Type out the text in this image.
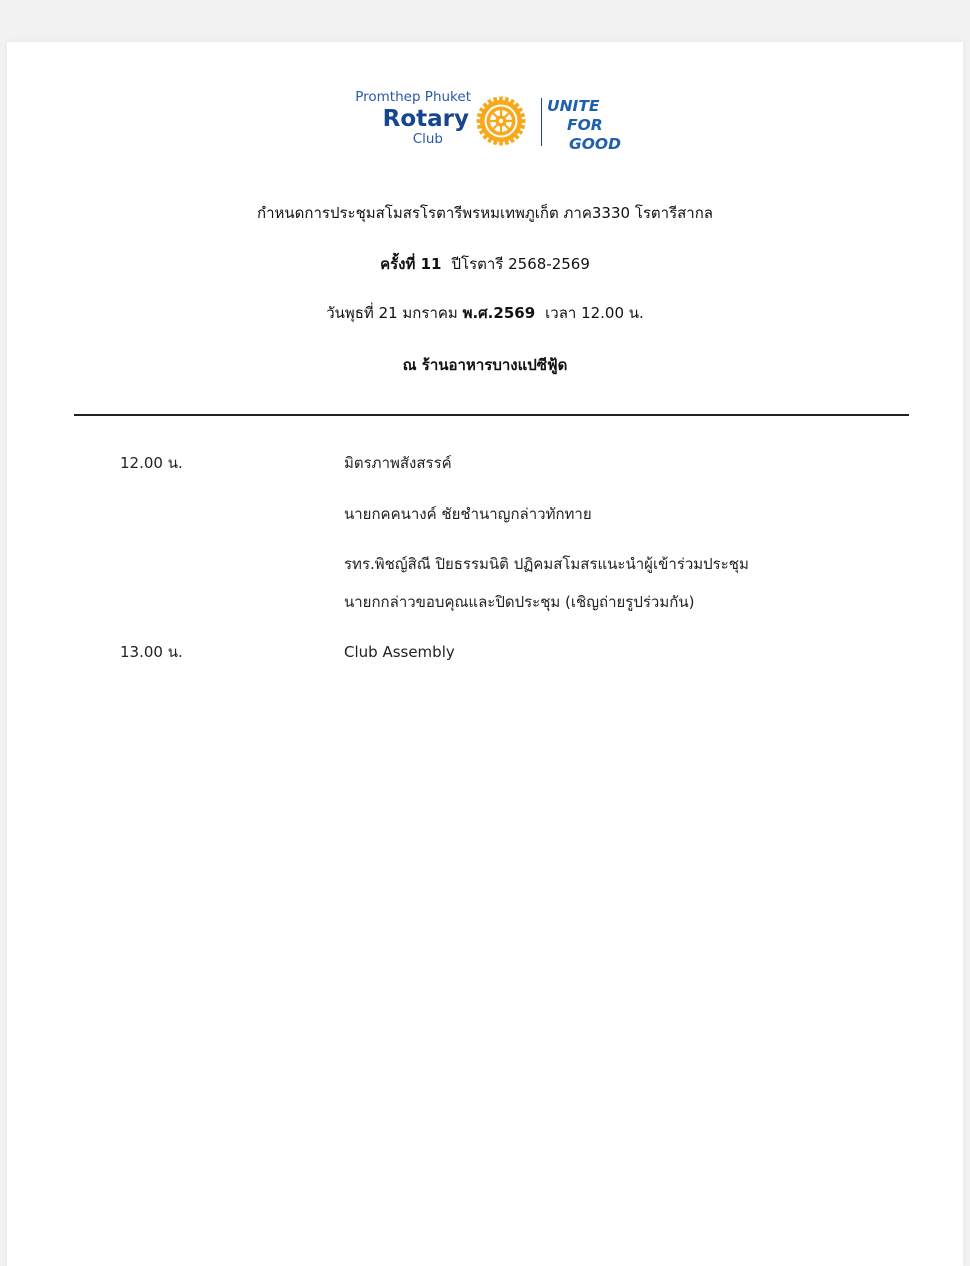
Promthep Phuket
Rotary
Club
UNITE
FOR
GOOD
กำหนดการประชุมสโมสรโรตารีพรหมเทพภูเก็ต ภาค3330 โรตารีสากล
ครั้งที่ 11 ปีโรตารี 2568-2569
วันพุธที่ 21 มกราคม พ.ศ.2569 เวลา 12.00 น.
ณ ร้านอาหารบางแปซีฟู้ด
12.00 น.	มิตรภาพสังสรรค์
นายกคคนางค์ ชัยชำนาญกล่าวทักทาย
รทร.พิชญ์สิณี ปิยธรรมนิติ ปฏิคมสโมสรแนะนำผู้เข้าร่วมประชุม
นายกกล่าวขอบคุณและปิดประชุม (เชิญถ่ายรูปร่วมกัน)
13.00 น.	Club Assembly
